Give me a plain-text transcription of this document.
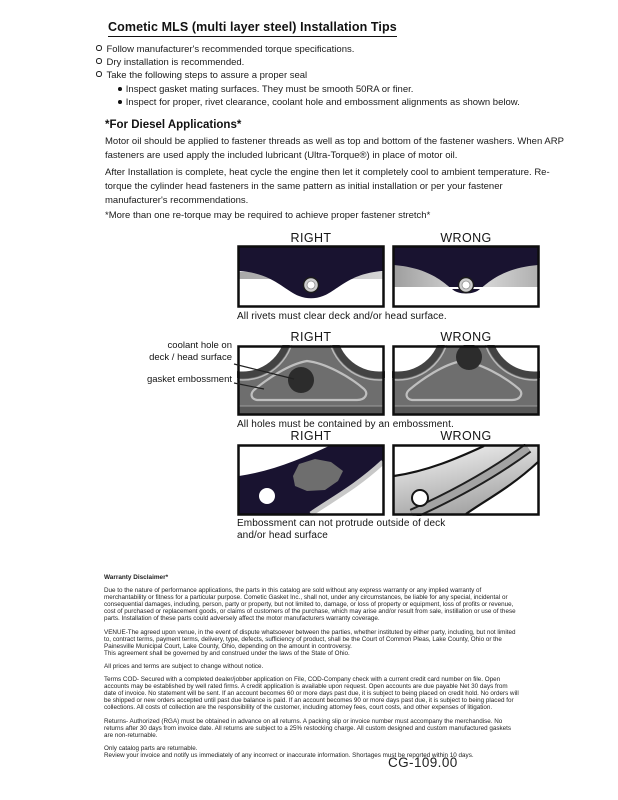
Cometic MLS (multi layer steel) Installation Tips
Follow manufacturer's recommended torque specifications.
Dry installation is recommended.
Take the following steps to assure a proper seal
Inspect gasket mating surfaces. They must be smooth 50RA or finer.
Inspect for proper, rivet clearance, coolant hole and embossment alignments as shown below.
*For Diesel Applications*
Motor oil should be applied to fastener threads as well as top and bottom of the fastener washers. When ARP fasteners are used apply the included lubricant (Ultra-Torque®) in place of motor oil.
After Installation is complete, heat cycle the engine then let it completely cool to ambient temperature. Re-torque the cylinder head fasteners in the same pattern as initial installation or per your fastener manufacturer's recommendations.
*More than one re-torque may be required to achieve proper fastener stretch*
RIGHT	WRONG
All rivets must clear deck and/or head surface.
RIGHT	WRONG
coolant hole on
deck / head surface
gasket embossment
All holes must be contained by an embossment.
RIGHT	WRONG
Embossment can not protrude outside of deck
and/or head surface
Warranty Disclaimer*
Due to the nature of performance applications, the parts in this catalog are sold without any express warranty or any implied warranty of merchantability or fitness for a particular purpose. Cometic Gasket Inc., shall not, under any circumstances, be liable for any special, incidental or consequential damages, including, person, party or property, but not limited to, damage, or loss of property or equipment, loss of profits or revenue, cost of purchased or replacement goods, or claims of customers of the purchase, which may arise and/or result from sale, instillation or use of these parts. Installation of these parts could adversely affect the motor manufacturers warranty coverage.
VENUE-The agreed upon venue, in the event of dispute whatsoever between the parties, whether instituted by either party, including, but not limited to, contract terms, payment terms, delivery, type, defects, sufficiency of product, shall be the Court of Common Pleas, Lake County, Ohio or the Painesville Municipal Court, Lake County, Ohio, depending on the amount in controversy.
This agreement shall be governed by and construed under the laws of the State of Ohio.
All prices and terms are subject to change without notice.
Terms COD- Secured with a completed dealer/jobber application on File, COD-Company check with a current credit card number on file. Open accounts may be established by well rated firms. A credit application is available upon request. Open accounts are due payable Net 30 days from date of invoice. No statement will be sent. If an account becomes 60 or more days past due, it is subject to being placed on credit hold. No orders will be shipped or new orders accepted until past due balance is paid. If an account becomes 90 or more days past due, it is subject to being placed for collections. All costs of collection are the responsibility of the customer, including attorney fees, court costs, and other expenses of litigation.
Returns- Authorized (RGA) must be obtained in advance on all returns. A packing slip or invoice number must accompany the merchandise. No returns after 30 days from invoice date. All returns are subject to a 25% restocking charge. All custom designed and custom manufactured gaskets are non-returnable.
Only catalog parts are returnable.
Review your invoice and notify us immediately of any incorrect or inaccurate information. Shortages must be reported within 10 days.
CG-109.00
